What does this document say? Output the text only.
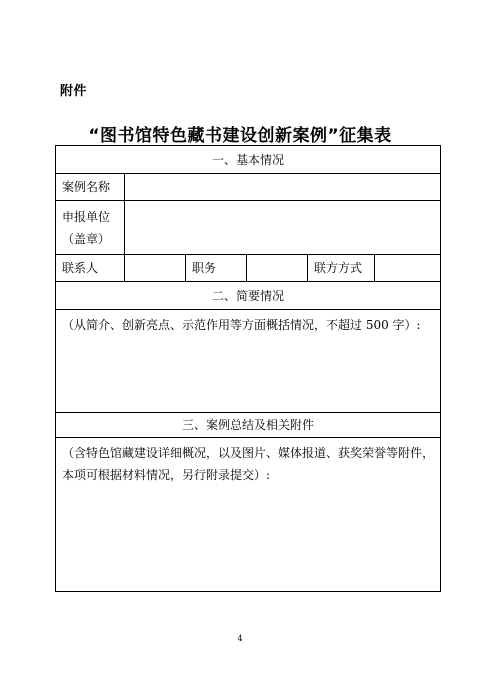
附件
“图书馆特色藏书建设创新案例”征集表
一、基本情况					
案例名称					

申报单位
（盖章）					

联系人		职务		联方方式	
二、简要情况					
（从简介、创新亮点、示范作用等方面概括情况，不超过 500 字）:					
三、案例总结及相关附件					
（含特色馆藏建设详细概况，以及图片、媒体报道、获奖荣誉等附件，本项可根据材料情况，另行附录提交）:					
4
